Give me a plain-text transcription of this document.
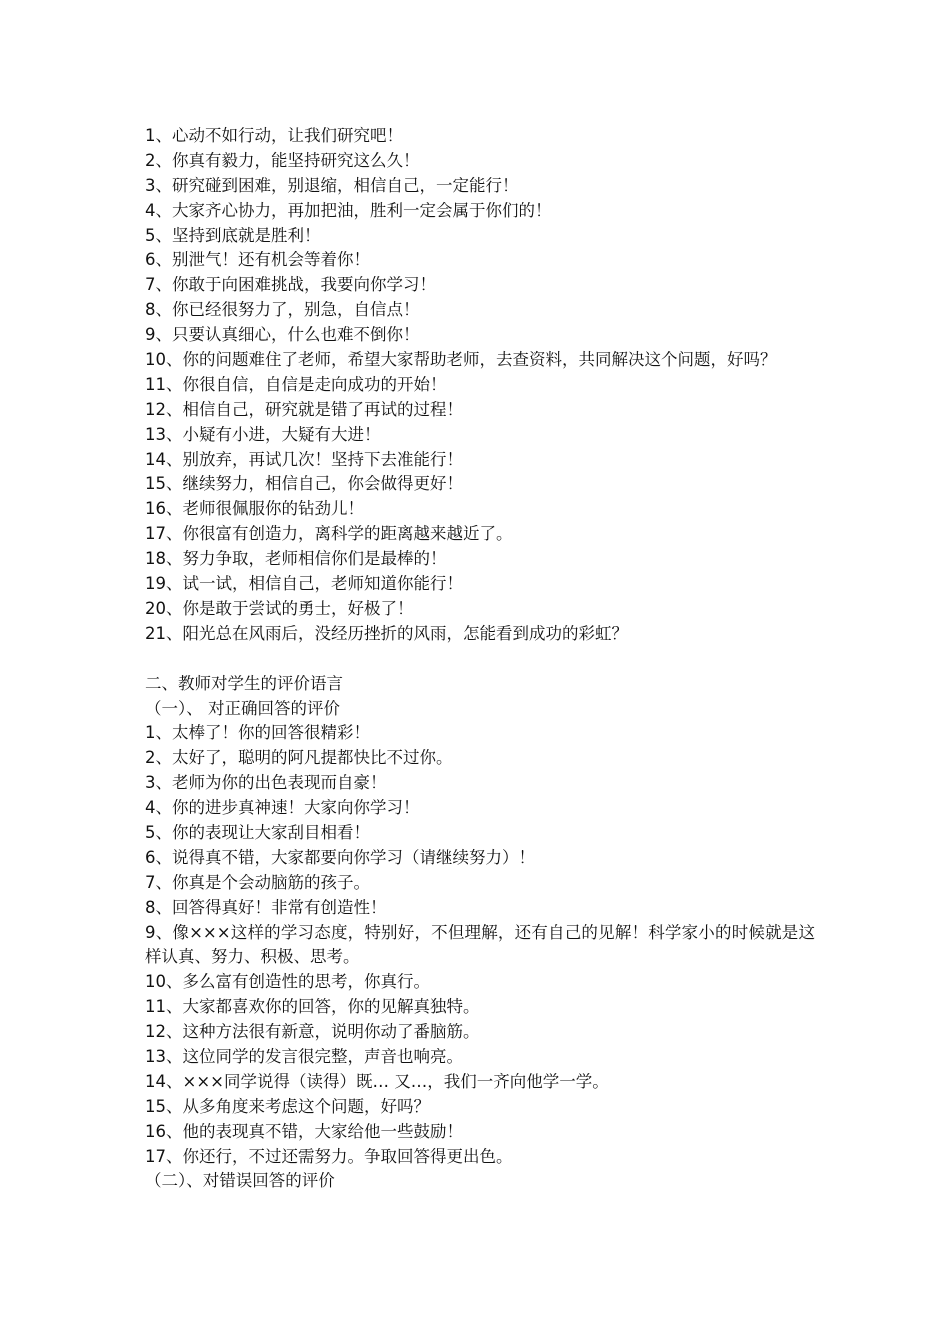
1、心动不如行动，让我们研究吧！
2、你真有毅力，能坚持研究这么久！
3、研究碰到困难，别退缩，相信自己，一定能行！
4、大家齐心协力，再加把油，胜利一定会属于你们的！
5、坚持到底就是胜利！
6、别泄气！还有机会等着你！
7、你敢于向困难挑战，我要向你学习！
8、你已经很努力了，别急，自信点！
9、只要认真细心，什么也难不倒你！
10、你的问题难住了老师，希望大家帮助老师，去查资料，共同解决这个问题，好吗？
11、你很自信，自信是走向成功的开始！
12、相信自己，研究就是错了再试的过程！
13、小疑有小进，大疑有大进！
14、别放弃，再试几次！坚持下去准能行！
15、继续努力，相信自己，你会做得更好！
16、老师很佩服你的钻劲儿！
17、你很富有创造力，离科学的距离越来越近了。
18、努力争取，老师相信你们是最棒的！
19、试一试，相信自己，老师知道你能行！
20、你是敢于尝试的勇士，好极了！
21、阳光总在风雨后，没经历挫折的风雨，怎能看到成功的彩虹？
二、教师对学生的评价语言
（一）、 对正确回答的评价
1、太棒了！你的回答很精彩！
2、太好了，聪明的阿凡提都快比不过你。
3、老师为你的出色表现而自豪！
4、你的进步真神速！大家向你学习！
5、你的表现让大家刮目相看！
6、说得真不错，大家都要向你学习（请继续努力）！
7、你真是个会动脑筋的孩子。
8、回答得真好！非常有创造性！
9、像×××这样的学习态度，特别好，不但理解，还有自己的见解！科学家小的时候就是这样认真、努力、积极、思考。
10、多么富有创造性的思考，你真行。
11、大家都喜欢你的回答，你的见解真独特。
12、这种方法很有新意，说明你动了番脑筋。
13、这位同学的发言很完整，声音也响亮。
14、×××同学说得（读得）既… 又…，我们一齐向他学一学。
15、从多角度来考虑这个问题，好吗？
16、他的表现真不错，大家给他一些鼓励！
17、你还行，不过还需努力。争取回答得更出色。
（二）、对错误回答的评价
